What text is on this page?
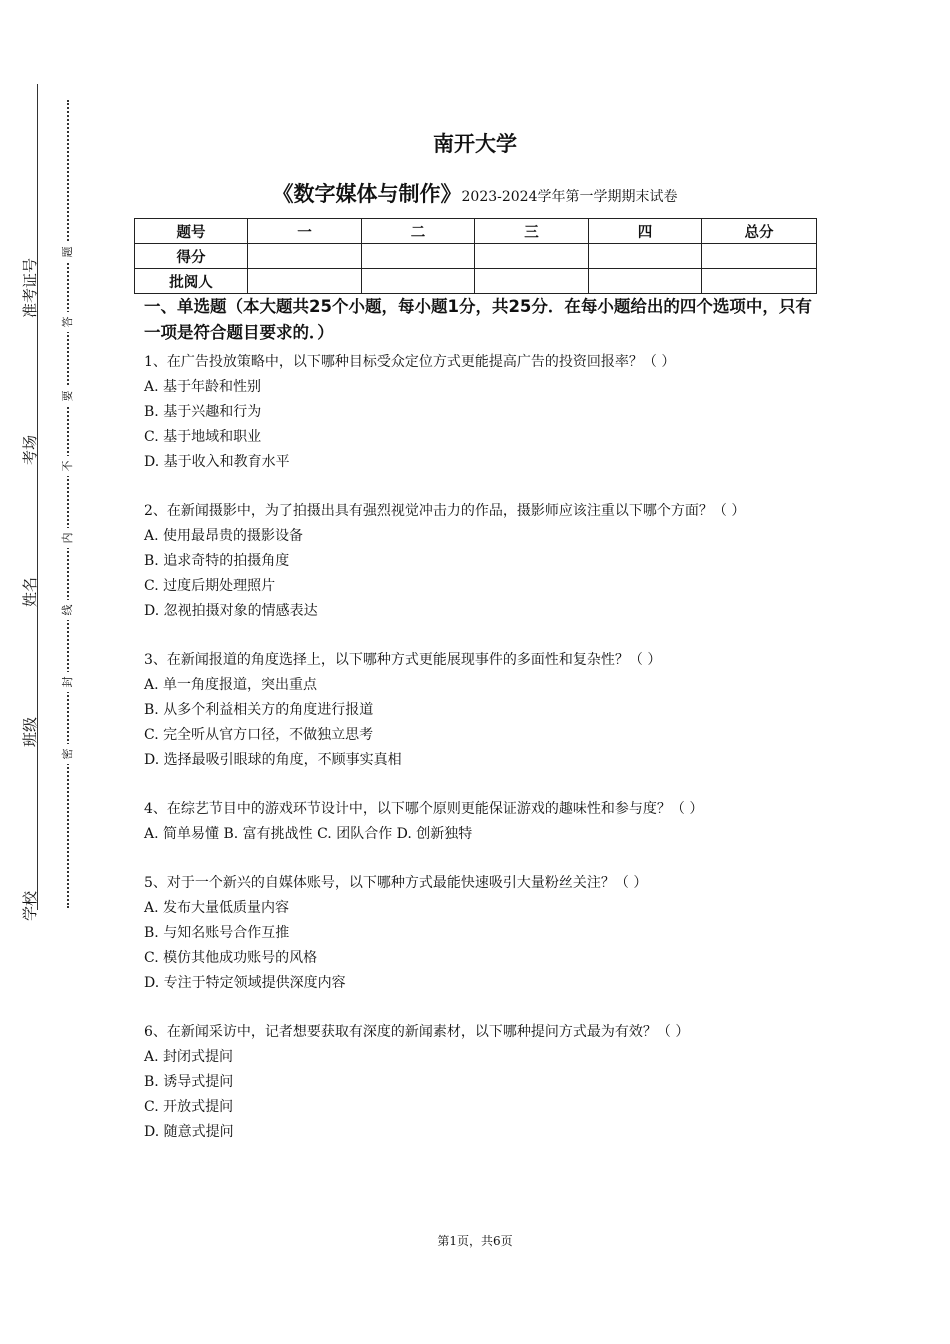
准考证号
考场
姓名
班级
学校
题
答
要
不
内
线
封
密
南开大学
《数字媒体与制作》2023-2024学年第一学期期末试卷
题号	一	二	三	四	总分
得分					
批阅人					
一、单选题（本大题共25个小题，每小题1分，共25分．在每小题给出的四个选项中，只有一项是符合题目要求的．）
1、在广告投放策略中，以下哪种目标受众定位方式更能提高广告的投资回报率？（ ）
A. 基于年龄和性别
B. 基于兴趣和行为
C. 基于地域和职业
D. 基于收入和教育水平
2、在新闻摄影中，为了拍摄出具有强烈视觉冲击力的作品，摄影师应该注重以下哪个方面？（ ）
A. 使用最昂贵的摄影设备
B. 追求奇特的拍摄角度
C. 过度后期处理照片
D. 忽视拍摄对象的情感表达
3、在新闻报道的角度选择上，以下哪种方式更能展现事件的多面性和复杂性？（ ）
A. 单一角度报道，突出重点
B. 从多个利益相关方的角度进行报道
C. 完全听从官方口径，不做独立思考
D. 选择最吸引眼球的角度，不顾事实真相
4、在综艺节目中的游戏环节设计中，以下哪个原则更能保证游戏的趣味性和参与度？（ ）
A. 简单易懂 B. 富有挑战性 C. 团队合作 D. 创新独特
5、对于一个新兴的自媒体账号，以下哪种方式最能快速吸引大量粉丝关注？（ ）
A. 发布大量低质量内容
B. 与知名账号合作互推
C. 模仿其他成功账号的风格
D. 专注于特定领域提供深度内容
6、在新闻采访中，记者想要获取有深度的新闻素材，以下哪种提问方式最为有效？（ ）
A. 封闭式提问
B. 诱导式提问
C. 开放式提问
D. 随意式提问
第1页，共6页
